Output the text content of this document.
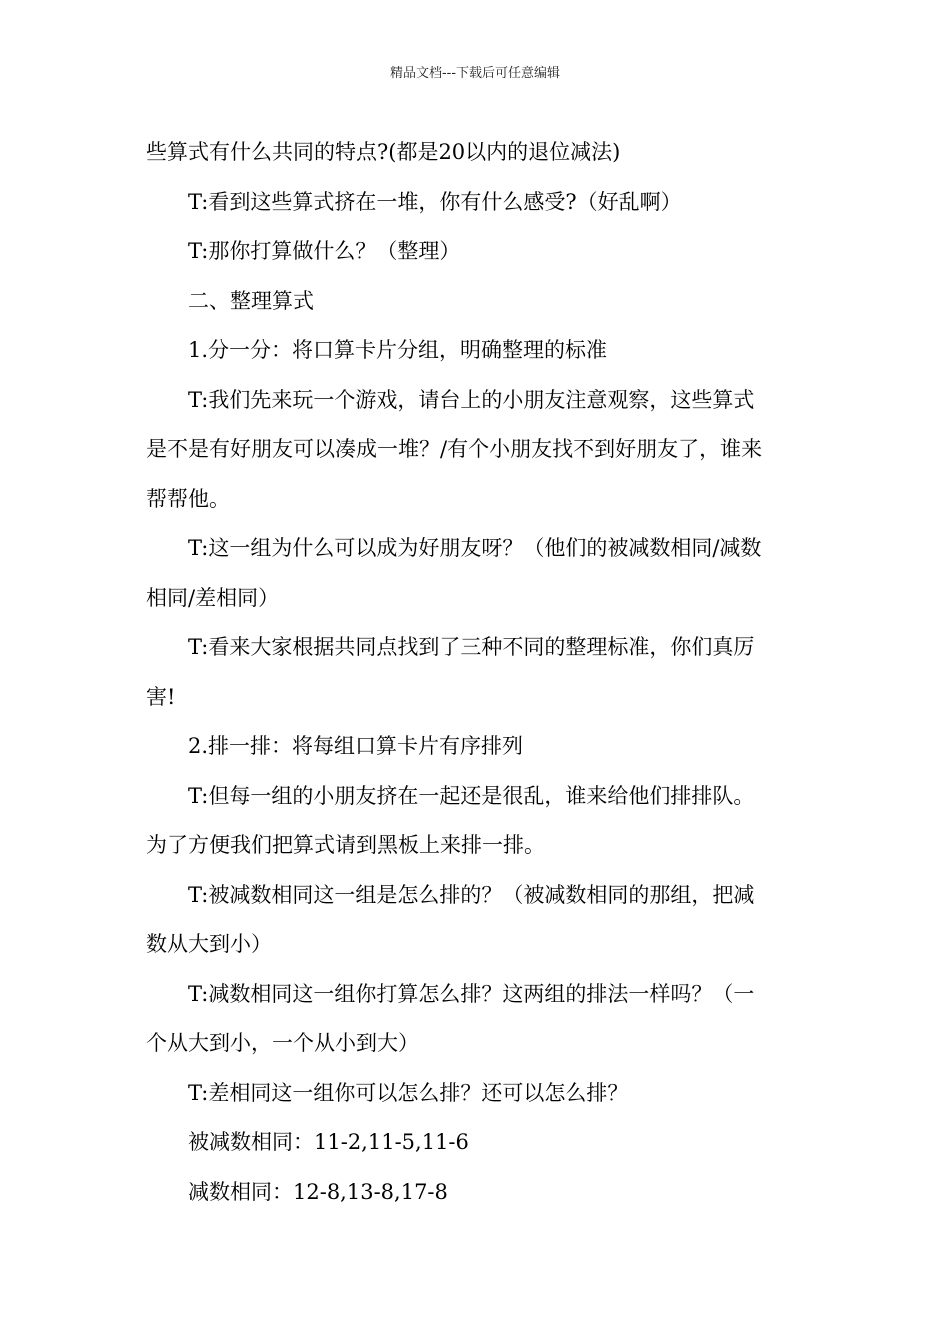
精品文档---下载后可任意编辑

些算式有什么共同的特点?(都是20以内的退位减法)

T:看到这些算式挤在一堆，你有什么感受?（好乱啊）

T:那你打算做什么？（整理）

二、整理算式

1.分一分：将口算卡片分组，明确整理的标准

T:我们先来玩一个游戏，请台上的小朋友注意观察，这些算式
是不是有好朋友可以凑成一堆？/有个小朋友找不到好朋友了，谁来
帮帮他。

T:这一组为什么可以成为好朋友呀？（他们的被减数相同/减数
相同/差相同）

T:看来大家根据共同点找到了三种不同的整理标准，你们真厉
害!

2.排一排：将每组口算卡片有序排列

T:但每一组的小朋友挤在一起还是很乱，谁来给他们排排队。
为了方便我们把算式请到黑板上来排一排。

T:被减数相同这一组是怎么排的？（被减数相同的那组，把减
数从大到小）

T:减数相同这一组你打算怎么排？这两组的排法一样吗？（一
个从大到小，一个从小到大）

T:差相同这一组你可以怎么排？还可以怎么排？

被减数相同：11-2,11-5,11-6

减数相同：12-8,13-8,17-8
